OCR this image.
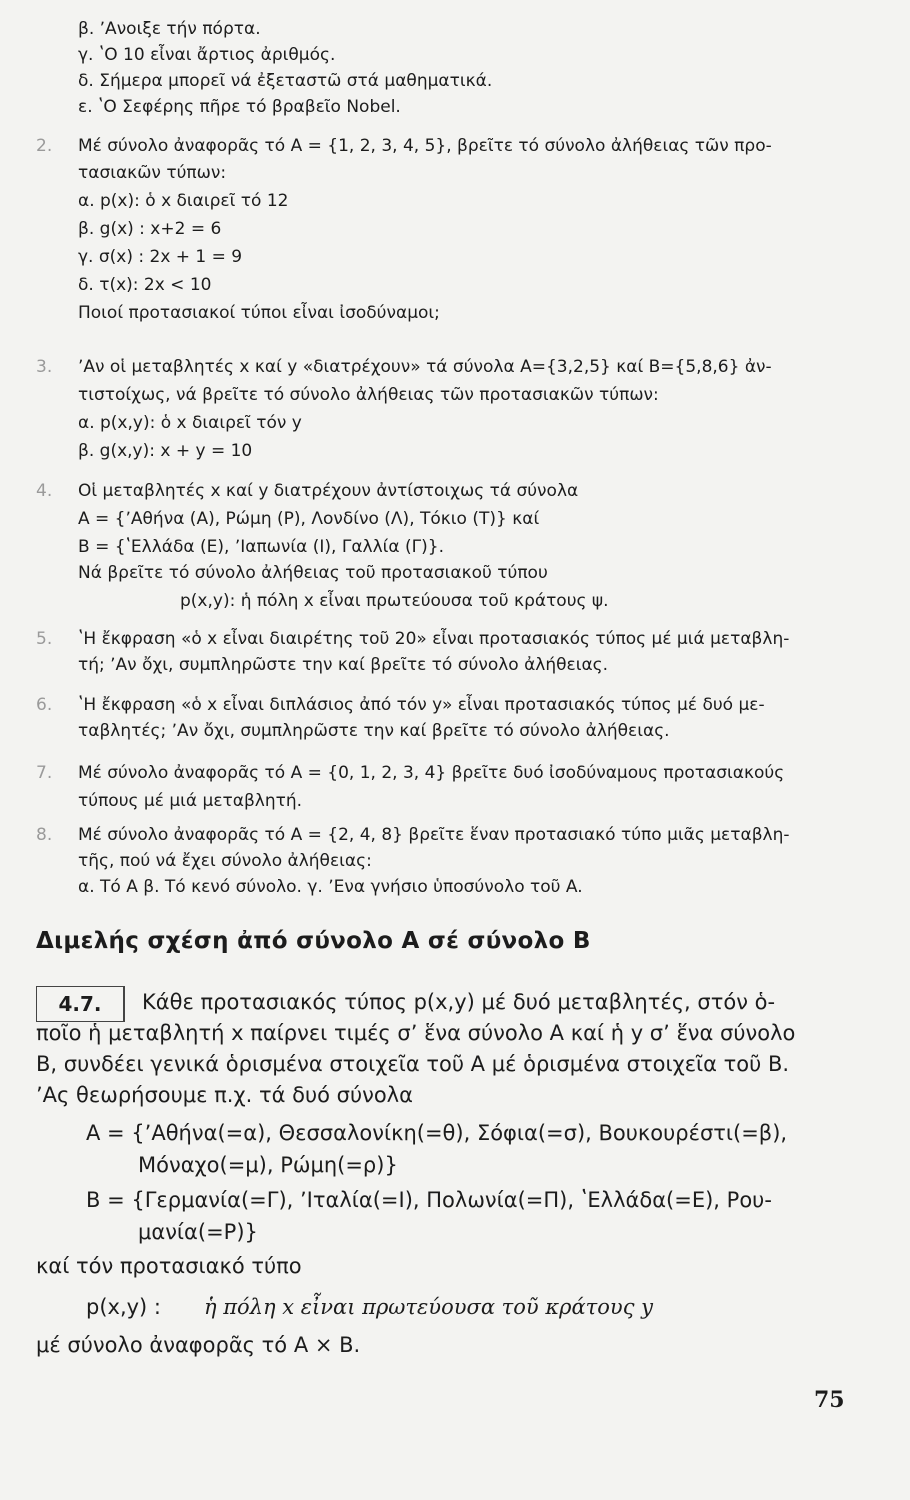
β. ʼΑνοιξε τήν πόρτα.
γ. ʽΟ 10 εἶναι ἄρτιος ἀριθμός.
δ. Σήμερα μπορεῖ νά ἐξεταστῶ στά μαθηματικά.
ε. ʽΟ Σεφέρης πῆρε τό βραβεῖο Nobel.
2. Μέ σύνολο ἀναφορᾶς τό A = {1, 2, 3, 4, 5}, βρεῖτε τό σύνολο ἀλήθειας τῶν προ-
τασιακῶν τύπων:
α. p(x): ὁ x διαιρεῖ τό 12
β. g(x) : x+2 = 6
γ. σ(x) : 2x + 1 = 9
δ. τ(x): 2x < 10
Ποιοί προτασιακοί τύποι εἶναι ἰσοδύναμοι;
3. ʼΑν οἱ μεταβλητές x καί y «διατρέχουν» τά σύνολα A={3,2,5} καί B={5,8,6} ἀν-
τιστοίχως, νά βρεῖτε τό σύνολο ἀλήθειας τῶν προτασιακῶν τύπων:
α. p(x,y): ὁ x διαιρεῖ τόν y
β. g(x,y): x + y = 10
4. Οἱ μεταβλητές x καί y διατρέχουν ἀντίστοιχως τά σύνολα
A = {ʼΑθήνα (A), Ρώμη (P), Λονδίνο (Λ), Τόκιο (T)} καί
B = {ʽΕλλάδα (E), ʼΙαπωνία (I), Γαλλία (Γ)}.
Νά βρεῖτε τό σύνολο ἀλήθειας τοῦ προτασιακοῦ τύπου
p(x,y): ἡ πόλη x εἶναι πρωτεύουσα τοῦ κράτους ψ.
5. ʽΗ ἔκφραση «ὁ x εἶναι διαιρέτης τοῦ 20» εἶναι προτασιακός τύπος μέ μιά μεταβλη-
τή; ʼΑν ὄχι, συμπληρῶστε την καί βρεῖτε τό σύνολο ἀλήθειας.
6. ʽΗ ἔκφραση «ὁ x εἶναι διπλάσιος ἀπό τόν y» εἶναι προτασιακός τύπος μέ δυό με-
ταβλητές; ʼΑν ὄχι, συμπληρῶστε την καί βρεῖτε τό σύνολο ἀλήθειας.
7. Μέ σύνολο ἀναφορᾶς τό A = {0, 1, 2, 3, 4} βρεῖτε δυό ἰσοδύναμους προτασιακούς
τύπους μέ μιά μεταβλητή.
8. Μέ σύνολο ἀναφορᾶς τό A = {2, 4, 8} βρεῖτε ἕναν προτασιακό τύπο μιᾶς μεταβλη-
τῆς, πού νά ἔχει σύνολο ἀλήθειας:
α. Τό A β. Τό κενό σύνολο. γ. ʼΕνα γνήσιο ὑποσύνολο τοῦ A.
Διμελής σχέση ἀπό σύνολο A σέ σύνολο B
4.7.	Κάθε προτασιακός τύπος p(x,y) μέ δυό μεταβλητές, στόν ὁ-
ποῖο ἡ μεταβλητή x παίρνει τιμές σʼ ἕνα σύνολο A καί ἡ y σʼ ἕνα σύνολο
B, συνδέει γενικά ὁρισμένα στοιχεῖα τοῦ A μέ ὁρισμένα στοιχεῖα τοῦ B.
ʼΑς θεωρήσουμε π.χ. τά δυό σύνολα
A = {ʼΑθήνα(=α), Θεσσαλονίκη(=θ), Σόφια(=σ), Βουκουρέστι(=β),
Μόναχο(=μ), Ρώμη(=ρ)}
B = {Γερμανία(=Γ), ʼΙταλία(=I), Πολωνία(=Π), ʽΕλλάδα(=E), Ρου-
μανία(=P)}
καί τόν προτασιακό τύπο
p(x,y) : ἡ πόλη x εἶναι πρωτεύουσα τοῦ κράτους y
μέ σύνολο ἀναφορᾶς τό A × B.
75
